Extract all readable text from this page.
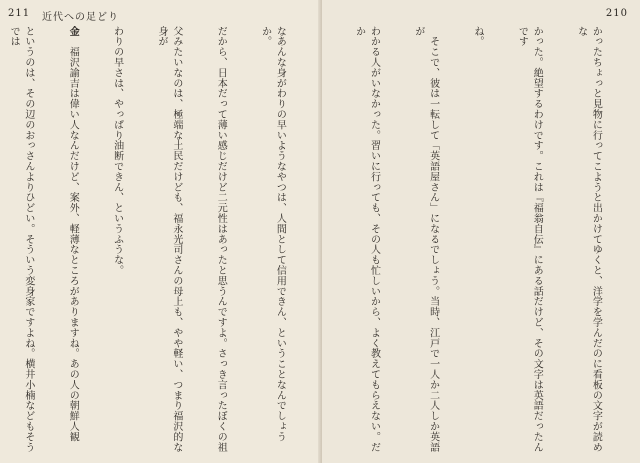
211 近代への足どり

なあんな身がわりの早いようなやつは、人間として信用できん、ということなんでしょうか。

だから、日本だって薄い感じだけど二元性はあったと思うんですよ。さっき言ったぼくの祖

父みたいなのは、極端な土民だけども、福永光司さんの母上も、やや軽い、つまり福沢的な身が

わりの早さは、やっぱり油断できん、というふうな。

金　福沢諭吉は偉い人なんだけど、案外、軽薄なところがありますね。あの人の朝鮮人観

というのは、その辺のおっさんよりひどい。そういう変身家ですよね。横井小楠などもそうでは

210

かったちょっと見物に行ってこようと出かけてゆくと、洋学を学んだのに看板の文字が読めな

かった。絶望するわけです。これは『福翁自伝』にある話だけど、その文字は英語だったんです

ね。

　そこで、彼は一転して「英語屋さん」になるでしょう。当時、江戸で一人か二人しか英語が

わかる人がいなかった。習いに行っても、その人も忙しいから、よく教えてもらえない。だか
